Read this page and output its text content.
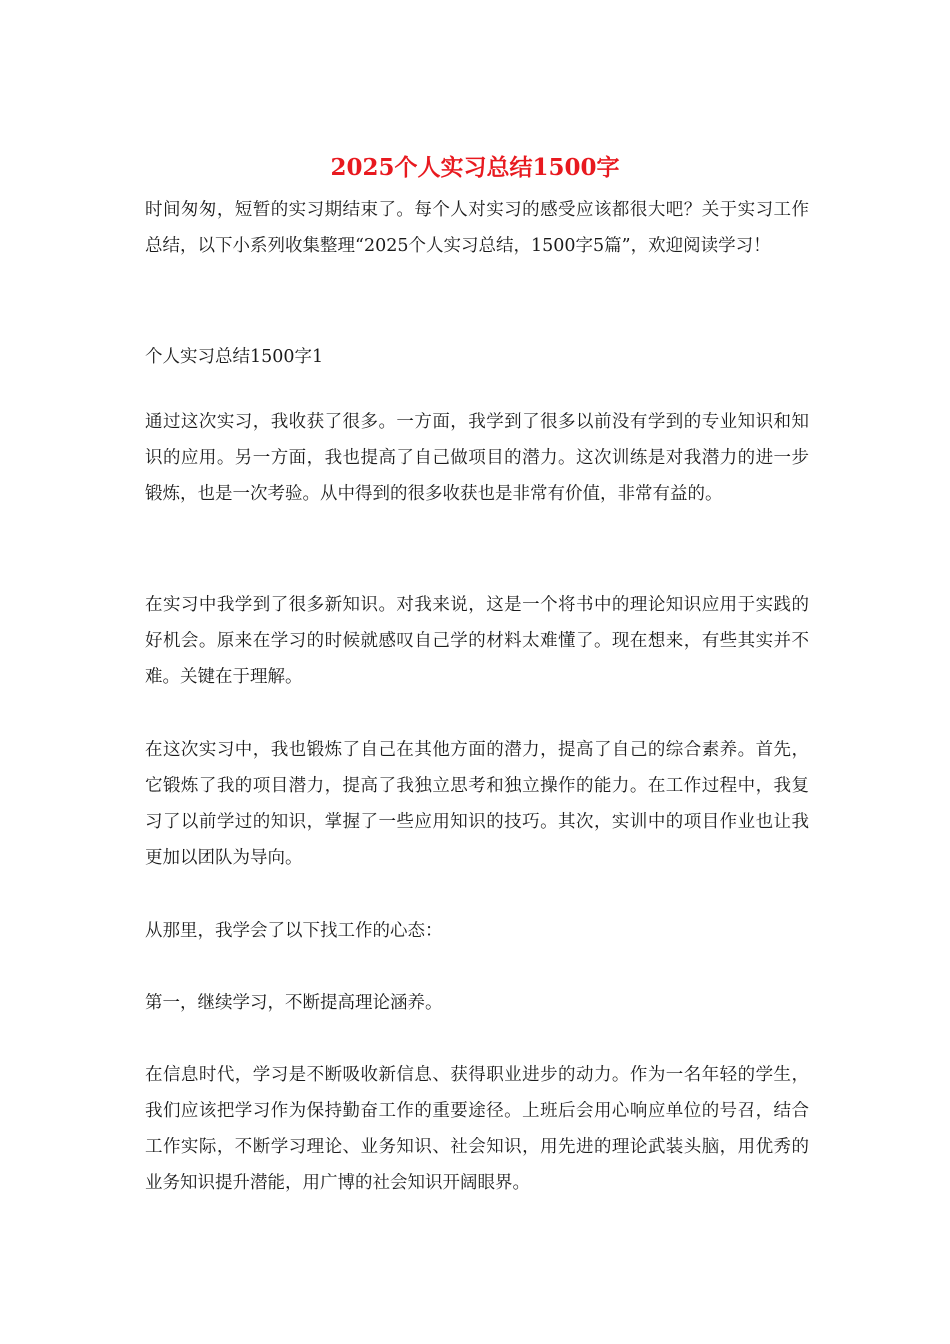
2025个人实习总结1500字

时间匆匆，短暂的实习期结束了。每个人对实习的感受应该都很大吧？关于实习工作总结，以下小系列收集整理“2025个人实习总结，1500字5篇”，欢迎阅读学习！

个人实习总结1500字1

通过这次实习，我收获了很多。一方面，我学到了很多以前没有学到的专业知识和知识的应用。另一方面，我也提高了自己做项目的潜力。这次训练是对我潜力的进一步锻炼，也是一次考验。从中得到的很多收获也是非常有价值，非常有益的。

在实习中我学到了很多新知识。对我来说，这是一个将书中的理论知识应用于实践的好机会。原来在学习的时候就感叹自己学的材料太难懂了。现在想来，有些其实并不难。关键在于理解。

在这次实习中，我也锻炼了自己在其他方面的潜力，提高了自己的综合素养。首先，它锻炼了我的项目潜力，提高了我独立思考和独立操作的能力。在工作过程中，我复习了以前学过的知识，掌握了一些应用知识的技巧。其次，实训中的项目作业也让我更加以团队为导向。

从那里，我学会了以下找工作的心态：

第一，继续学习，不断提高理论涵养。

在信息时代，学习是不断吸收新信息、获得职业进步的动力。作为一名年轻的学生，我们应该把学习作为保持勤奋工作的重要途径。上班后会用心响应单位的号召，结合工作实际，不断学习理论、业务知识、社会知识，用先进的理论武装头脑，用优秀的业务知识提升潜能，用广博的社会知识开阔眼界。
